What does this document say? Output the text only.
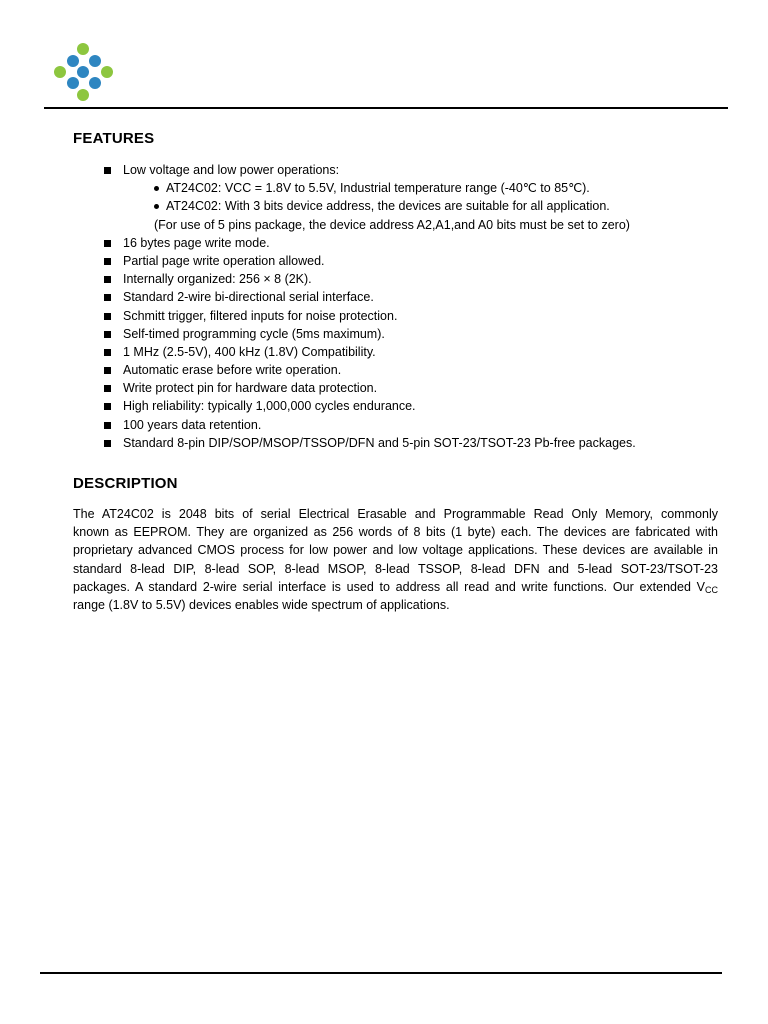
FEATURES
Low voltage and low power operations:
AT24C02: VCC = 1.8V to 5.5V, Industrial temperature range (-40℃ to 85℃).
AT24C02: With 3 bits device address, the devices are suitable for all application.
(For use of 5 pins package, the device address A2,A1,and A0 bits must be set to zero)
16 bytes page write mode.
Partial page write operation allowed.
Internally organized: 256 × 8 (2K).
Standard 2-wire bi-directional serial interface.
Schmitt trigger, filtered inputs for noise protection.
Self-timed programming cycle (5ms maximum).
1 MHz (2.5-5V), 400 kHz (1.8V) Compatibility.
Automatic erase before write operation.
Write protect pin for hardware data protection.
High reliability: typically 1,000,000 cycles endurance.
100 years data retention.
Standard 8-pin DIP/SOP/MSOP/TSSOP/DFN and 5-pin SOT-23/TSOT-23 Pb-free packages.
DESCRIPTION
The AT24C02 is 2048 bits of serial Electrical Erasable and Programmable Read Only Memory, commonly
known as EEPROM. They are organized as 256 words of 8 bits (1 byte) each. The devices are fabricated with
proprietary advanced CMOS process for low power and low voltage applications. These devices are available in
standard 8-lead DIP, 8-lead SOP, 8-lead MSOP, 8-lead TSSOP, 8-lead DFN and 5-lead SOT-23/TSOT-23
packages. A standard 2-wire serial interface is used to address all read and write functions. Our extended $V_{CC}$
range (1.8V to 5.5V) devices enables wide spectrum of applications.
